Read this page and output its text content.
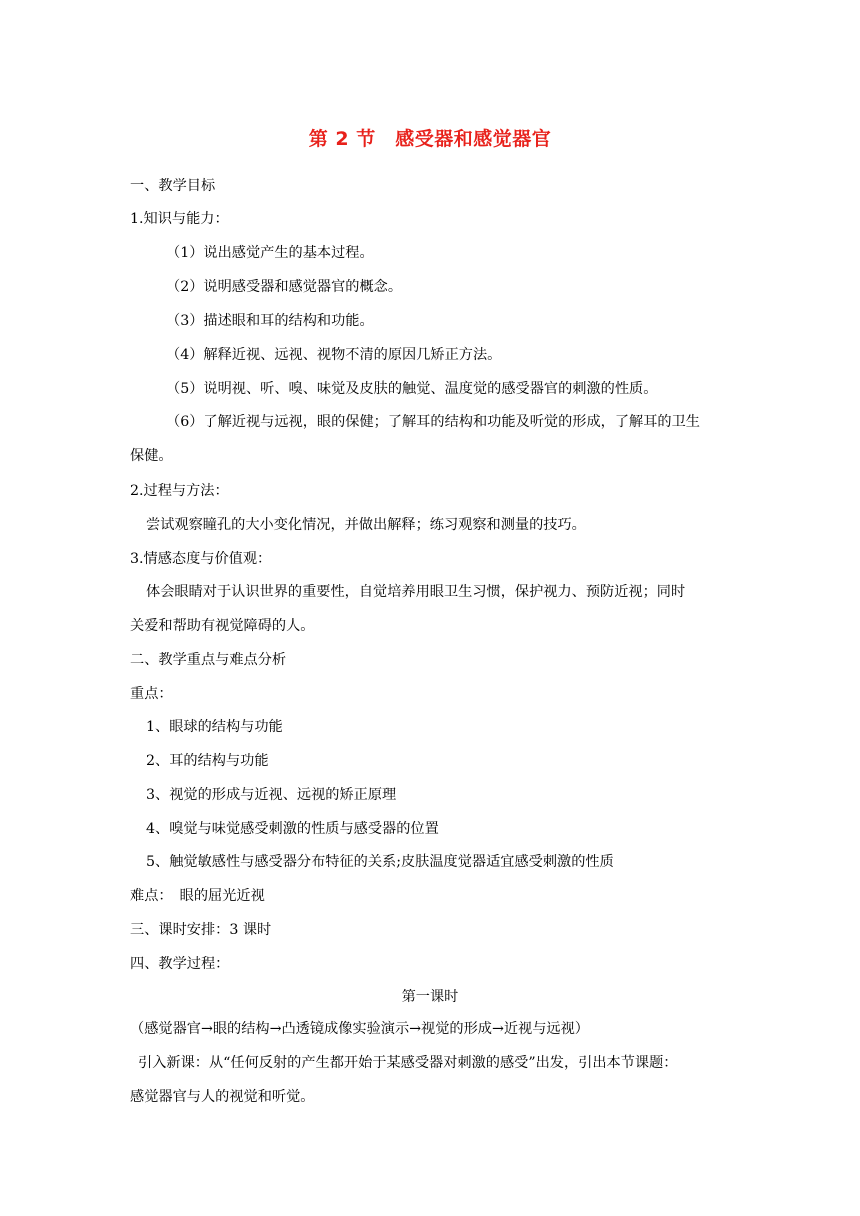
第 2 节　感受器和感觉器官
一、教学目标
1.知识与能力：
（1）说出感觉产生的基本过程。
（2）说明感受器和感觉器官的概念。
（3）描述眼和耳的结构和功能。
（4）解释近视、远视、视物不清的原因几矫正方法。
（5）说明视、听、嗅、味觉及皮肤的触觉、温度觉的感受器官的刺激的性质。
（6）了解近视与远视，眼的保健；了解耳的结构和功能及听觉的形成，了解耳的卫生
保健。
2.过程与方法：
尝试观察瞳孔的大小变化情况，并做出解释；练习观察和测量的技巧。
3.情感态度与价值观：
体会眼睛对于认识世界的重要性，自觉培养用眼卫生习惯，保护视力、预防近视；同时
关爱和帮助有视觉障碍的人。
二、教学重点与难点分析
重点：
1、眼球的结构与功能
2、耳的结构与功能
3、视觉的形成与近视、远视的矫正原理
4、嗅觉与味觉感受刺激的性质与感受器的位置
5、触觉敏感性与感受器分布特征的关系;皮肤温度觉器适宜感受刺激的性质
难点：　眼的屈光近视
三、课时安排：3 课时
四、教学过程：
第一课时
（感觉器官→眼的结构→凸透镜成像实验演示→视觉的形成→近视与远视）
引入新课：从“任何反射的产生都开始于某感受器对刺激的感受”出发，引出本节课题：
感觉器官与人的视觉和听觉。
